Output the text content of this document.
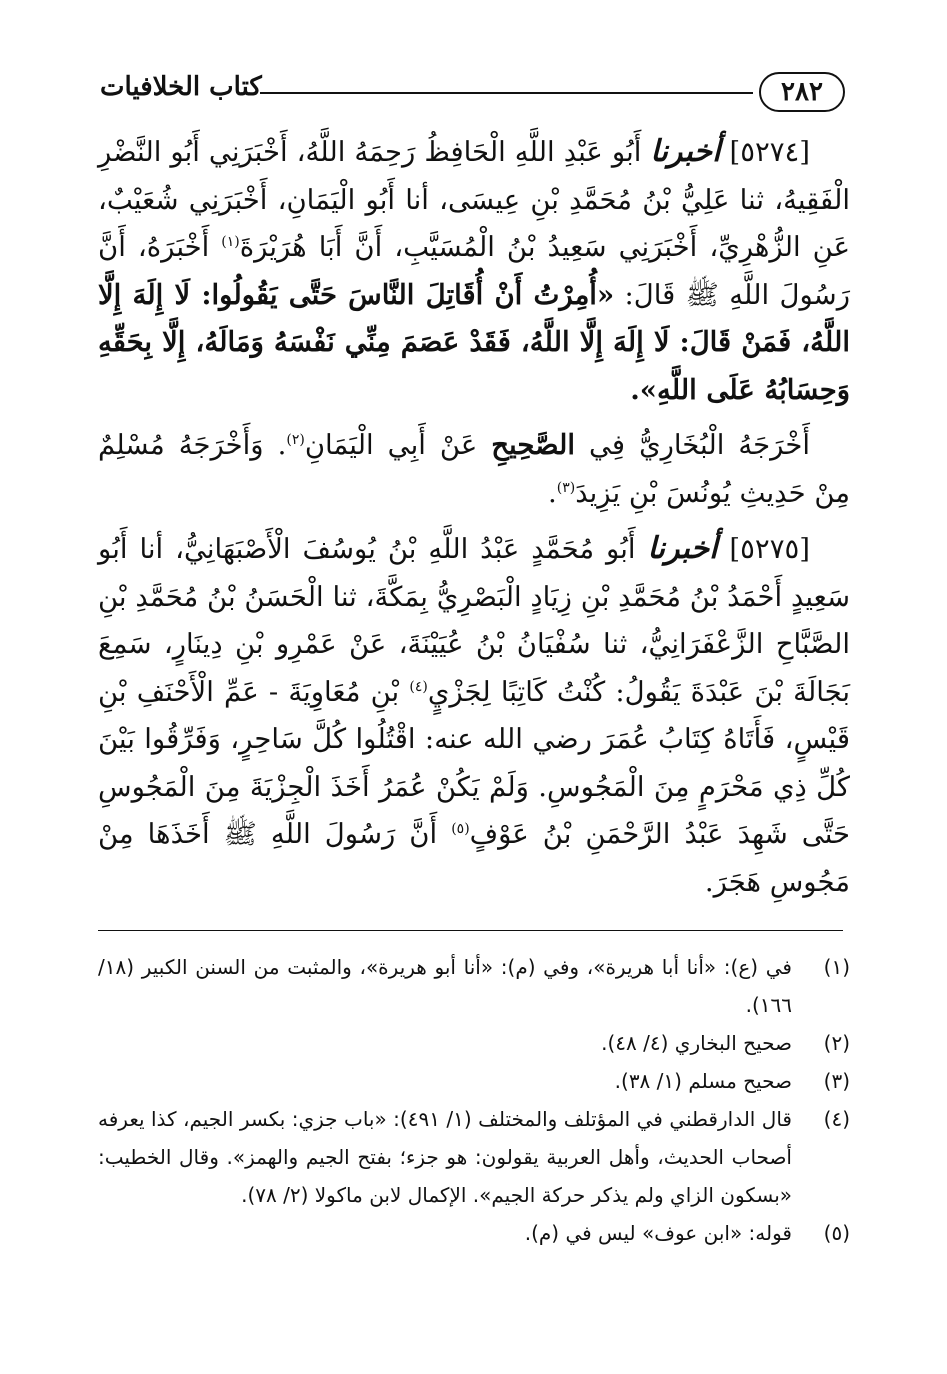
٢٨٢
كتاب الخلافيات

[٥٢٧٤] أخبرنا أَبُو عَبْدِ اللَّهِ الْحَافِظُ رَحِمَهُ اللَّهُ، أَخْبَرَنِي أَبُو النَّضْرِ الْفَقِيهُ، ثنا عَلِيُّ بْنُ مُحَمَّدِ بْنِ عِيسَى، أنا أَبُو الْيَمَانِ، أَخْبَرَنِي شُعَيْبٌ، عَنِ الزُّهْرِيِّ، أَخْبَرَنِي سَعِيدُ بْنُ الْمُسَيَّبِ، أَنَّ أَبَا هُرَيْرَةَ$^{(١)}$ أَخْبَرَهُ، أَنَّ رَسُولَ اللَّهِ ﷺ قَالَ: «أُمِرْتُ أَنْ أُقَاتِلَ النَّاسَ حَتَّى يَقُولُوا: لَا إِلَهَ إِلَّا اللَّهُ، فَمَنْ قَالَ: لَا إِلَهَ إِلَّا اللَّهُ، فَقَدْ عَصَمَ مِنِّي نَفْسَهُ وَمَالَهُ، إِلَّا بِحَقِّهِ وَحِسَابُهُ عَلَى اللَّهِ».

أَخْرَجَهُ الْبُخَارِيُّ فِي الصَّحِيحِ عَنْ أَبِي الْيَمَانِ$^{(٢)}$. وَأَخْرَجَهُ مُسْلِمٌ مِنْ حَدِيثِ يُونُسَ بْنِ يَزِيدَ$^{(٣)}$.

[٥٢٧٥] أخبرنا أَبُو مُحَمَّدٍ عَبْدُ اللَّهِ بْنُ يُوسُفَ الْأَصْبَهَانِيُّ، أنا أَبُو سَعِيدٍ أَحْمَدُ بْنُ مُحَمَّدِ بْنِ زِيَادٍ الْبَصْرِيُّ بِمَكَّةَ، ثنا الْحَسَنُ بْنُ مُحَمَّدِ بْنِ الصَّبَّاحِ الزَّعْفَرَانِيُّ، ثنا سُفْيَانُ بْنُ عُيَيْنَةَ، عَنْ عَمْرِو بْنِ دِينَارٍ، سَمِعَ بَجَالَةَ بْنَ عَبْدَةَ يَقُولُ: كُنْتُ كَاتِبًا لِجَزْيٍ$^{(٤)}$ بْنِ مُعَاوِيَةَ - عَمِّ الْأَحْنَفِ بْنِ قَيْسٍ، فَأَتَاهُ كِتَابُ عُمَرَ رضي الله عنه: اقْتُلُوا كُلَّ سَاحِرٍ، وَفَرِّقُوا بَيْنَ كُلِّ ذِي مَحْرَمٍ مِنَ الْمَجُوسِ. وَلَمْ يَكُنْ عُمَرُ أَخَذَ الْجِزْيَةَ مِنَ الْمَجُوسِ حَتَّى شَهِدَ عَبْدُ الرَّحْمَنِ بْنُ عَوْفٍ$^{(٥)}$ أَنَّ رَسُولَ اللَّهِ ﷺ أَخَذَهَا مِنْ مَجُوسِ هَجَرَ.

(١)
في (ع): «أنا أبا هريرة»، وفي (م): «أنا أبو هريرة»، والمثبت من السنن الكبير (١٨/ ١٦٦).
(٢)
صحيح البخاري (٤/ ٤٨).
(٣)
صحيح مسلم (١/ ٣٨).
(٤)
قال الدارقطني في المؤتلف والمختلف (١/ ٤٩١): «باب جزي: بكسر الجيم، كذا يعرفه أصحاب الحديث، وأهل العربية يقولون: هو جزء؛ بفتح الجيم والهمز». وقال الخطيب: «بسكون الزاي ولم يذكر حركة الجيم». الإكمال لابن ماكولا (٢/ ٧٨).
(٥)
قوله: «ابن عوف» ليس في (م).
